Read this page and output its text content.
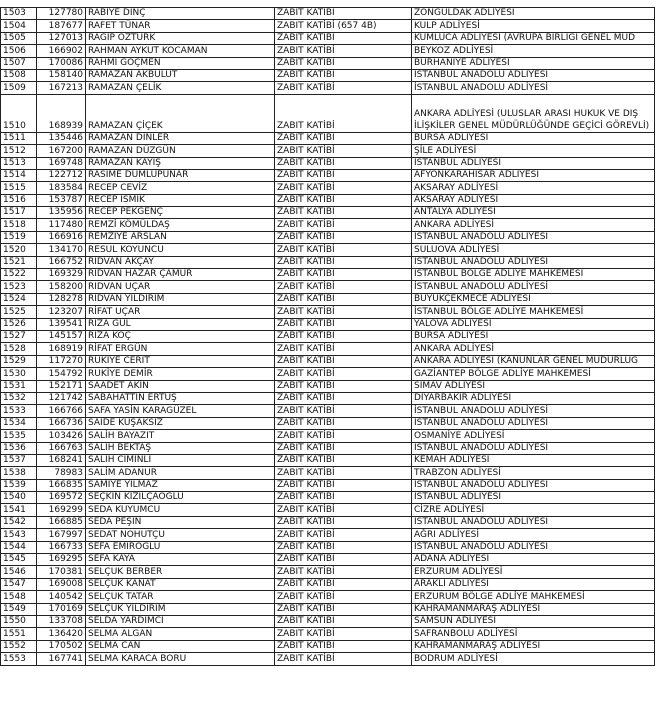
1503	127780	RABİYE DİNÇ	ZABIT KATİBİ	ZONGULDAK ADLİYESİ
1504	187677	RAFET TÜNAR	ZABIT KATİBİ (657 4B)	KULP ADLİYESİ
1505	127013	RAGIP ÖZTÜRK	ZABIT KATİBİ	KUMLUCA ADLİYESİ (AVRUPA BİRLİĞİ GENEL MÜD
1506	166902	RAHMAN AYKUT KOCAMAN	ZABIT KATİBİ	BEYKOZ ADLİYESİ
1507	170086	RAHMİ GÖÇMEN	ZABIT KATİBİ	BURHANİYE ADLİYESİ
1508	158140	RAMAZAN AKBULUT	ZABIT KATİBİ	İSTANBUL ANADOLU ADLİYESİ
1509	167213	RAMAZAN ÇELİK	ZABIT KATİBİ	İSTANBUL ANADOLU ADLİYESİ
1510	168939	RAMAZAN ÇİÇEK	ZABIT KATİBİ	ANKARA ADLİYESİ (ULUSLAR ARASI HUKUK VE DIŞ İLİŞKİLER GENEL MÜDÜRLÜĞÜNDE GEÇİCİ GÖREVLİ)
1511	135446	RAMAZAN DİNLER	ZABIT KATİBİ	BURSA ADLİYESİ
1512	167200	RAMAZAN DÜZGÜN	ZABIT KATİBİ	ŞİLE ADLİYESİ
1513	169748	RAMAZAN KAYIŞ	ZABIT KATİBİ	İSTANBUL ADLİYESİ
1514	122712	RASİME DUMLUPUNAR	ZABIT KATİBİ	AFYONKARAHİSAR ADLİYESİ
1515	183584	RECEP CEVİZ	ZABIT KATİBİ	AKSARAY ADLİYESİ
1516	153787	RECEP İSMİK	ZABIT KATİBİ	AKSARAY ADLİYESİ
1517	135956	RECEP PEKGENÇ	ZABIT KATİBİ	ANTALYA ADLİYESİ
1518	117480	REMZİ KÖMÜLDAŞ	ZABIT KATİBİ	ANKARA ADLİYESİ
1519	166916	REMZİYE ARSLAN	ZABIT KATİBİ	İSTANBUL ANADOLU ADLİYESİ
1520	134170	RESUL KOYUNCU	ZABIT KATİBİ	SULUOVA ADLİYESİ
1521	166752	RIDVAN AKÇAY	ZABIT KATİBİ	İSTANBUL ANADOLU ADLİYESİ
1522	169329	RIDVAN HAZAR ÇAMUR	ZABIT KATİBİ	İSTANBUL BÖLGE ADLİYE MAHKEMESİ
1523	158200	RIDVAN UÇAR	ZABIT KATİBİ	İSTANBUL ANADOLU ADLİYESİ
1524	128278	RIDVAN YILDIRIM	ZABIT KATİBİ	BÜYÜKÇEKMECE ADLİYESİ
1525	123207	RİFAT UÇAR	ZABIT KATİBİ	İSTANBUL BÖLGE ADLİYE MAHKEMESİ
1526	139541	RIZA GÜL	ZABIT KATİBİ	YALOVA ADLİYESİ
1527	145157	RIZA KOÇ	ZABIT KATİBİ	BURSA ADLİYESİ
1528	168919	RİFAT ERGÜN	ZABIT KATİBİ	ANKARA ADLİYESİ
1529	117270	RUKİYE CERİT	ZABIT KATİBİ	ANKARA ADLİYESİ (KANUNLAR GENEL MÜDÜRLÜĞ
1530	154792	RUKİYE DEMİR	ZABIT KATİBİ	GAZİANTEP BÖLGE ADLİYE MAHKEMESİ
1531	152171	SAADET AKIN	ZABIT KATİBİ	SİMAV ADLİYESİ
1532	121742	SABAHATTİN ERTUŞ	ZABIT KATİBİ	DİYARBAKIR ADLİYESİ
1533	166766	SAFA YASİN KARAGÜZEL	ZABIT KATİBİ	İSTANBUL ANADOLU ADLİYESİ
1534	166736	SAİDE KUŞAKSIZ	ZABIT KATİBİ	İSTANBUL ANADOLU ADLİYESİ
1535	103426	SALİH BAYAZIT	ZABIT KATİBİ	OSMANİYE ADLİYESİ
1536	166763	SALİH BEKTAŞ	ZABIT KATİBİ	İSTANBUL ANADOLU ADLİYESİ
1537	168241	SALİH CİMİNLİ	ZABIT KATİBİ	KEMAH ADLİYESİ
1538	78983	SALİM ADANUR	ZABIT KATİBİ	TRABZON ADLİYESİ
1539	166835	SAMİYE YILMAZ	ZABIT KATİBİ	İSTANBUL ANADOLU ADLİYESİ
1540	169572	SEÇKİN KIZILÇAOĞLU	ZABIT KATİBİ	İSTANBUL ADLİYESİ
1541	169299	SEDA KUYUMCU	ZABIT KATİBİ	CİZRE ADLİYESİ
1542	166885	SEDA PEŞİN	ZABIT KATİBİ	İSTANBUL ANADOLU ADLİYESİ
1543	167997	SEDAT NOHUTÇU	ZABIT KATİBİ	AĞRI ADLİYESİ
1544	166733	SEFA EMİROĞLU	ZABIT KATİBİ	İSTANBUL ANADOLU ADLİYESİ
1545	169295	SEFA KAYA	ZABIT KATİBİ	ADANA ADLİYESİ
1546	170381	SELÇUK BERBER	ZABIT KATİBİ	ERZURUM ADLİYESİ
1547	169008	SELÇUK KANAT	ZABIT KATİBİ	ARAKLI ADLİYESİ
1548	140542	SELÇUK TATAR	ZABIT KATİBİ	ERZURUM BÖLGE ADLİYE MAHKEMESİ
1549	170169	SELÇUK YILDIRIM	ZABIT KATİBİ	KAHRAMANMARAŞ ADLİYESİ
1550	133708	SELDA YARDIMCI	ZABIT KATİBİ	SAMSUN ADLİYESİ
1551	136420	SELMA ALGAN	ZABIT KATİBİ	SAFRANBOLU ADLİYESİ
1552	170502	SELMA CAN	ZABIT KATİBİ	KAHRAMANMARAŞ ADLİYESİ
1553	167741	SELMA KARACA BORU	ZABIT KATİBİ	BODRUM ADLİYESİ
